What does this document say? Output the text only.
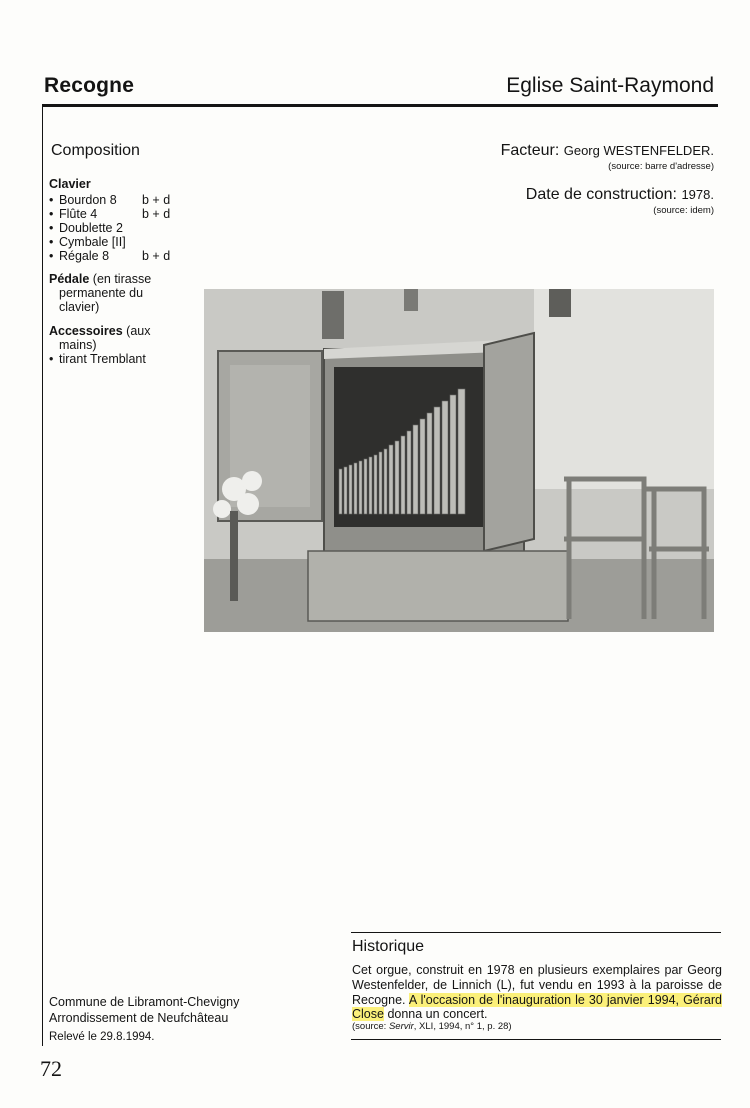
Recogne	Eglise Saint-Raymond
Composition
Clavier
• Bourdon 8 b + d
• Flûte 4	b + d
• Doublette 2
• Cymbale [II]
• Régale 8	b + d
Pédale (en tirasse
permanente du
clavier)
Accessoires (aux
mains)
• tirant Tremblant
Facteur: Georg WESTENFELDER.
(source: barre d'adresse)
Date de construction: 1978.
(source: idem)
Historique
Cet orgue, construit en 1978 en plusieurs exemplaires par Georg Westenfelder, de Linnich (L), fut vendu en 1993 à la paroisse de Recogne. A l'occasion de l'inauguration le 30 janvier 1994, Gérard Close donna un concert.
(source: Servir, XLI, 1994, n° 1, p. 28)
Commune de Libramont-Chevigny
Arrondissement de Neufchâteau
Relevé le 29.8.1994.
72
